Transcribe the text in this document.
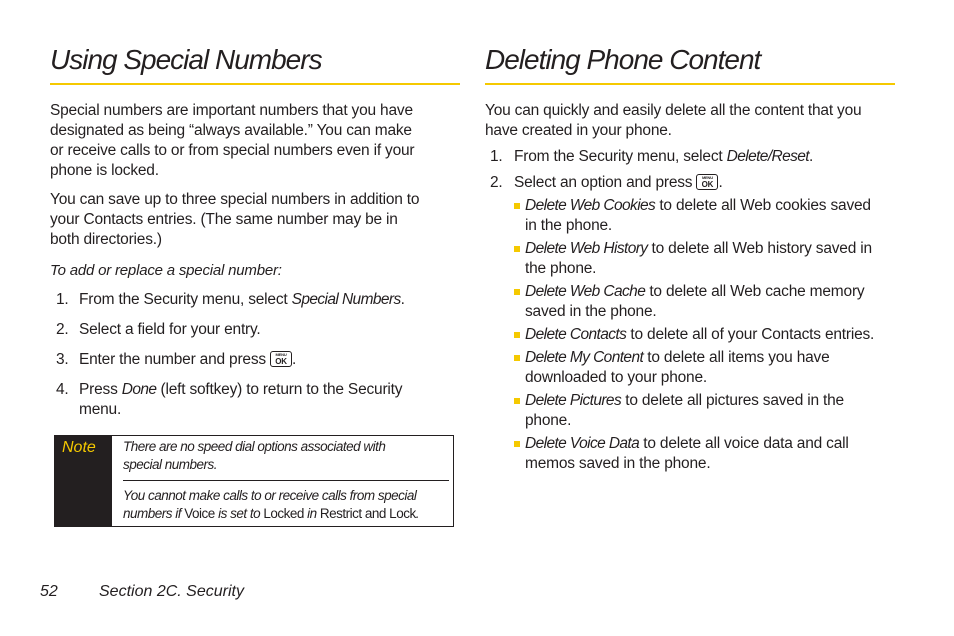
Using Special Numbers

Special numbers are important numbers that you have
designated as being “always available.” You can make
or receive calls to or from special numbers even if your
phone is locked.

You can save up to three special numbers in addition to
your Contacts entries. (The same number may be in
both directories.)

To add or replace a special number:

1. From the Security menu, select Special Numbers.
2. Select a field for your entry.
3. Enter the number and press	MENU
OK .
4. Press Done (left softkey) to return to the Security
menu.
Note There are no speed dial options associated with
special numbers.
You cannot make calls to or receive calls from special
numbers if Voice is set to Locked in Restrict and Lock.
Deleting Phone Content

You can quickly and easily delete all the content that you
have created in your phone.

1. From the Security menu, select Delete/Reset.
2. Select an option and press	MENU
OK .
Delete Web Cookies to delete all Web cookies saved
in the phone.
Delete Web History to delete all Web history saved in
the phone.
Delete Web Cache to delete all Web cache memory
saved in the phone.
Delete Contacts to delete all of your Contacts entries.
Delete My Content to delete all items you have
downloaded to your phone.
Delete Pictures to delete all pictures saved in the
phone.
Delete Voice Data to delete all voice data and call
memos saved in the phone.
52	Section 2C. Security
